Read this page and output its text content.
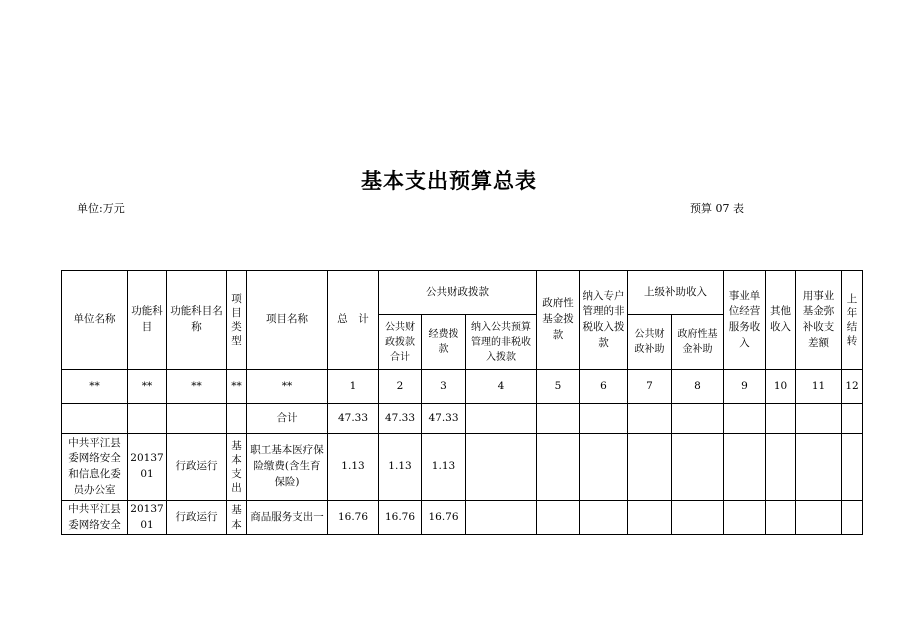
基本支出预算总表
单位:万元	预算 07 表
单位名称	功能科目	功能科目名称	项目类型	项目名称	总　计	公共财政拨款			政府性基金拨款	纳入专户管理的非税收入拨款	上级补助收入		事业单位经营服务收入	其他收入	用事业基金弥补收支差额	上年结转
						公共财政拨款合计	经费拨款	纳入公共预算管理的非税收入拨款			公共财政补助	政府性基金补助				
**	**	**	**	**	1	2	3	4	5	6	7	8	9	10	11	12
				合计	47.33	47.33	47.33									
中共平江县委网络安全和信息化委员办公室	2013701	行政运行	基本支出	职工基本医疗保险缴费(含生育保险)	1.13	1.13	1.13									
中共平江县委网络安全	2013701	行政运行	基本	商品服务支出一	16.76	16.76	16.76									
